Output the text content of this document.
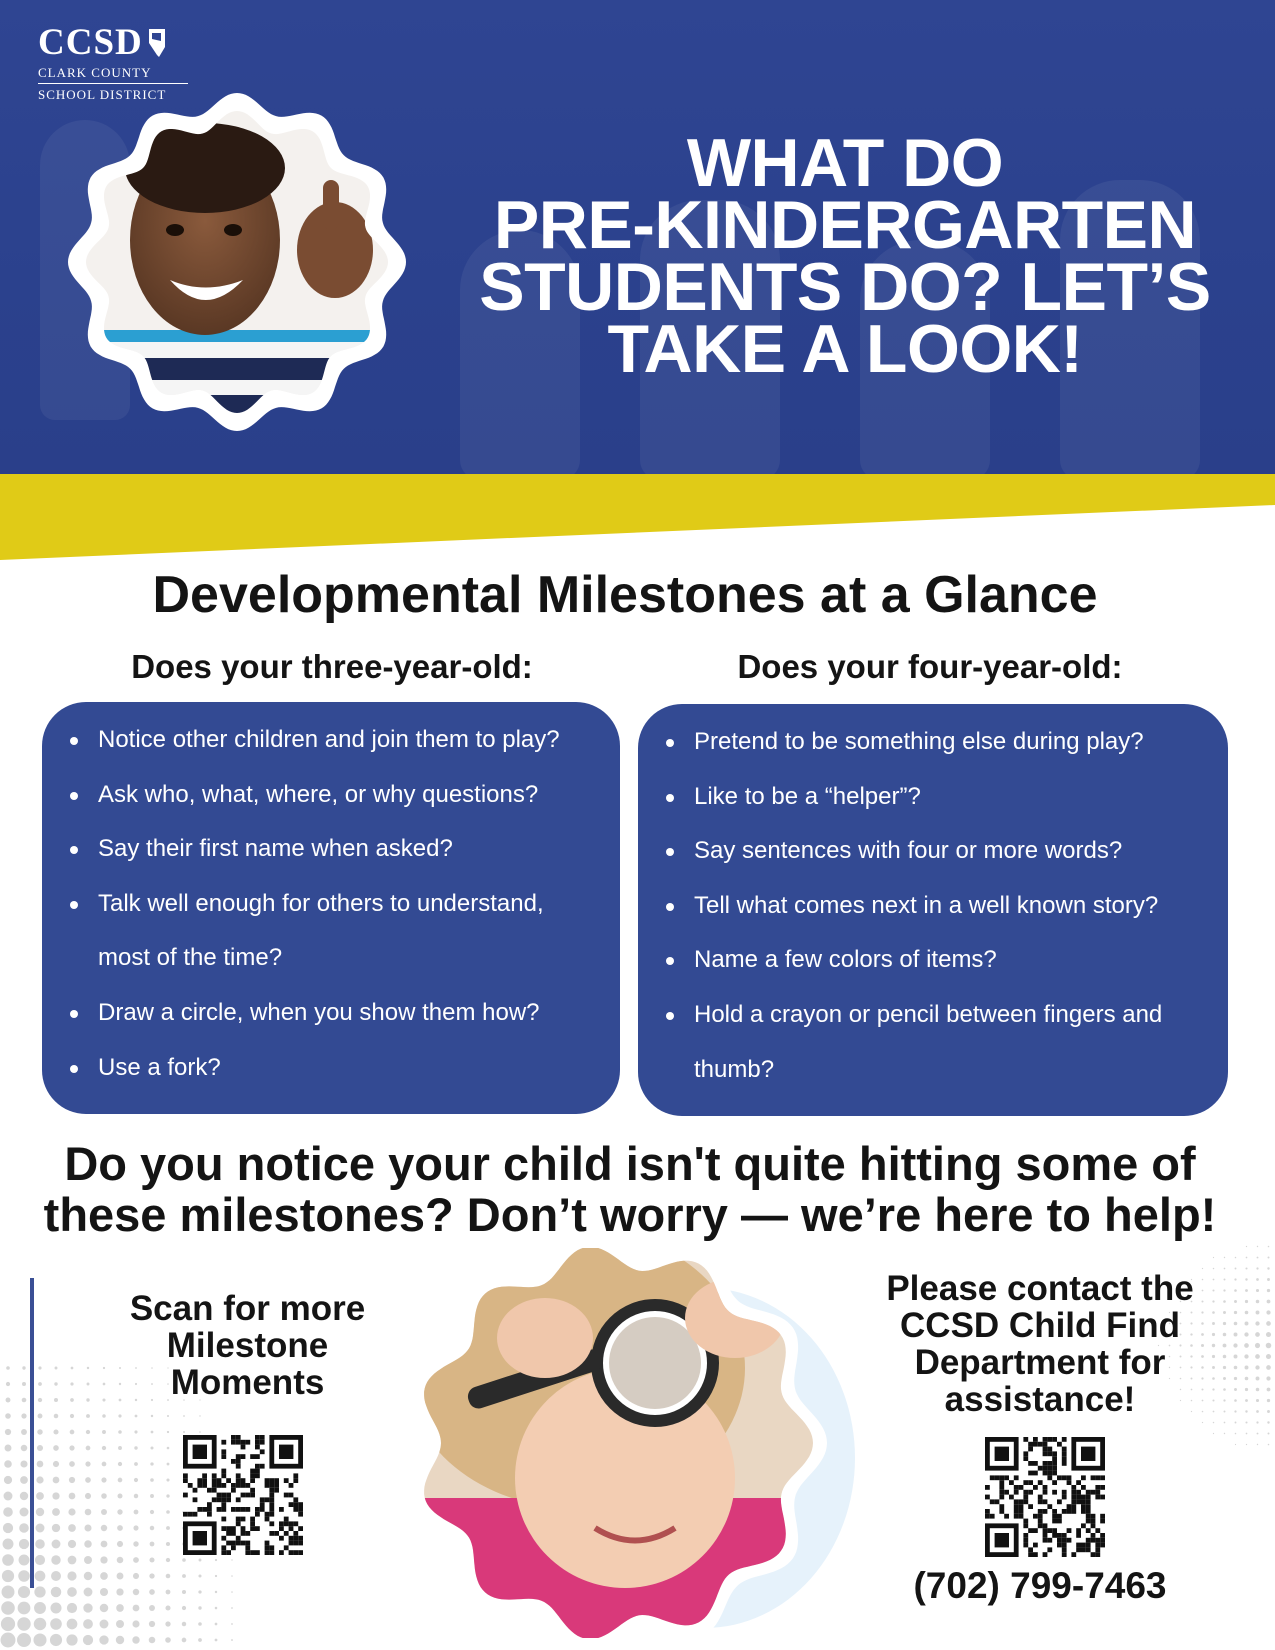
CCSD
CLARK COUNTY
SCHOOL DISTRICT
WHAT DO
PRE-KINDERGARTEN
STUDENTS DO? LET’S
TAKE A LOOK!
Developmental Milestones at a Glance
Does your three-year-old:	Does your four-year-old:
Notice other children and join them to play?
Ask who, what, where, or why questions?
Say their first name when asked?
Talk well enough for others to understand, most of the time?
Draw a circle, when you show them how?
Use a fork?
Pretend to be something else during play?
Like to be a “helper”?
Say sentences with four or more words?
Tell what comes next in a well known story?
Name a few colors of items?
Hold a crayon or pencil between fingers and thumb?
Do you notice your child isn't quite hitting some of
these milestones? Don’t worry — we’re here to help!
Scan for more Milestone Moments
Please contact the CCSD Child Find Department for assistance!
(702) 799-7463
